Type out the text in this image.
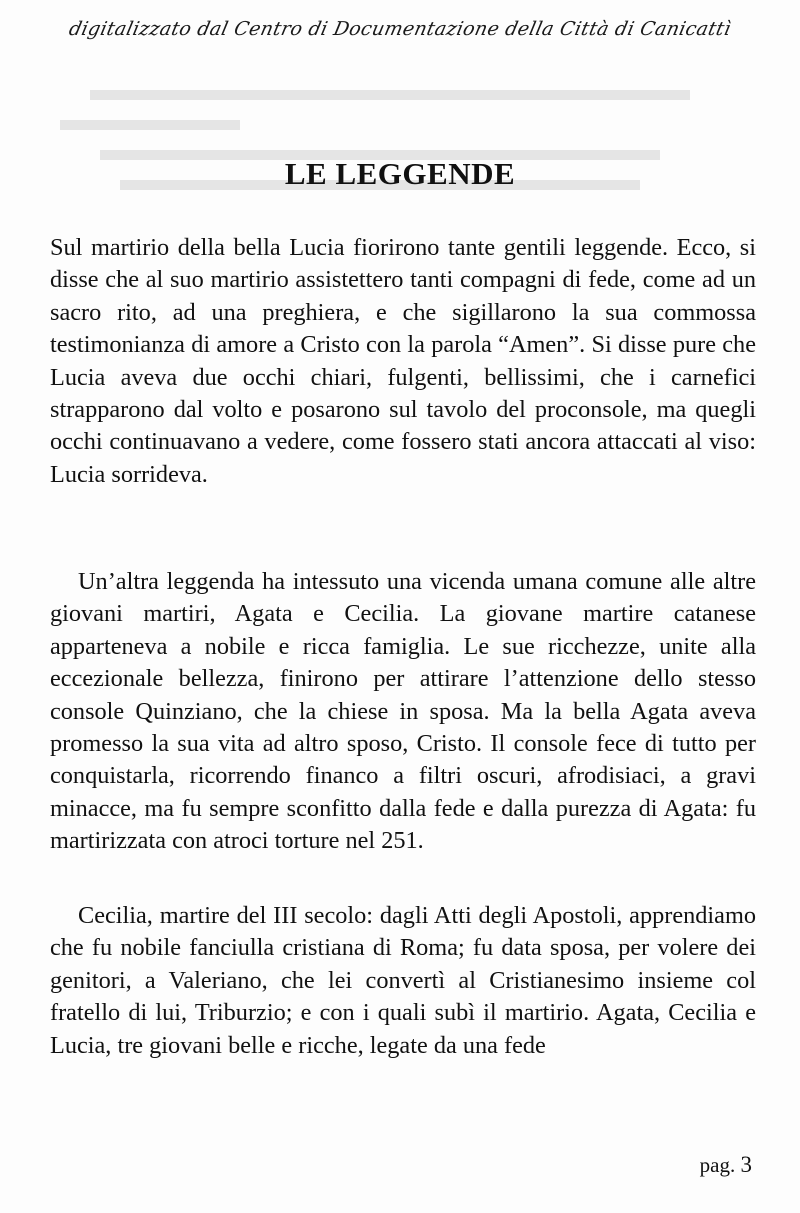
digitalizzato dal Centro di Documentazione della Città di Canicattì
LE LEGGENDE

Sul martirio della bella Lucia fiorirono tante gentili leggende. Ecco, si disse che al suo martirio assistettero tanti compagni di fede, come ad un sacro rito, ad una preghiera, e che sigillarono la sua commossa testimonianza di amore a Cristo con la parola “Amen”. Si disse pure che Lucia aveva due occhi chiari, fulgenti, bellissimi, che i carnefici strapparono dal volto e posarono sul tavolo del proconsole, ma quegli occhi continuavano a vedere, come fossero stati ancora attaccati al viso: Lucia sorrideva.

Un’altra leggenda ha intessuto una vicenda umana comune alle altre giovani martiri, Agata e Cecilia. La giovane martire catanese apparteneva a nobile e ricca famiglia. Le sue ricchezze, unite alla eccezionale bellezza, finirono per attirare l’attenzione dello stesso console Quinziano, che la chiese in sposa. Ma la bella Agata aveva promesso la sua vita ad altro sposo, Cristo. Il console fece di tutto per conquistarla, ricorrendo financo a filtri oscuri, afrodisiaci, a gravi minacce, ma fu sempre sconfitto dalla fede e dalla purezza di Agata: fu martirizzata con atroci torture nel 251.

Cecilia, martire del III secolo: dagli Atti degli Apostoli, apprendiamo che fu nobile fanciulla cristiana di Roma; fu data sposa, per volere dei genitori, a Valeriano, che lei convertì al Cristianesimo insieme col fratello di lui, Triburzio; e con i quali subì il martirio. Agata, Cecilia e Lucia, tre giovani belle e ricche, legate da una fede

pag. 3
